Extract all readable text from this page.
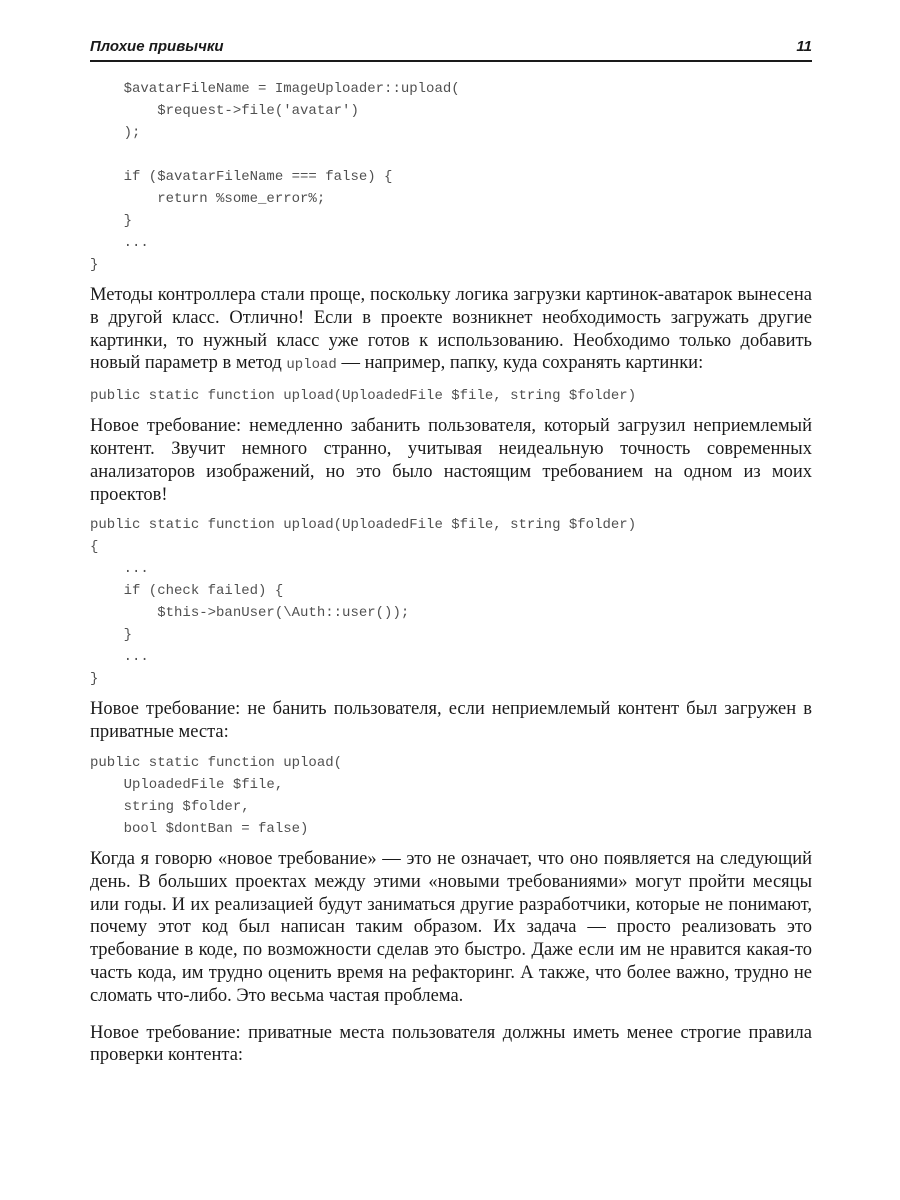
Плохие привычки	11
$avatarFileName = ImageUploader::upload(
$request->file('avatar')
);

if ($avatarFileName === false) {
return %some_error%;
}
...
}

Методы контроллера стали проще, поскольку логика загрузки картинок-аватарок вынесена в другой класс. Отлично! Если в проекте возникнет необходимость загружать другие картинки, то нужный класс уже готов к использованию. Необходимо только добавить новый параметр в метод upload — например, папку, куда сохранять картинки:

public static function upload(UploadedFile $file, string $folder)

Новое требование: немедленно забанить пользователя, который загрузил неприемлемый контент. Звучит немного странно, учитывая неидеальную точность современных анализаторов изображений, но это было настоящим требованием на одном из моих проектов!

public static function upload(UploadedFile $file, string $folder)
{
...
if (check failed) {
$this->banUser(\Auth::user());
}
...
}

Новое требование: не банить пользователя, если неприемлемый контент был загружен в приватные места:

public static function upload(
UploadedFile $file,
string $folder,
bool $dontBan = false)

Когда я говорю «новое требование» — это не означает, что оно появляется на следующий день. В больших проектах между этими «новыми требованиями» могут пройти месяцы или годы. И их реализацией будут заниматься другие разработчики, которые не понимают, почему этот код был написан таким образом. Их задача — просто реализовать это требование в коде, по возможности сделав это быстро. Даже если им не нравится какая-то часть кода, им трудно оценить время на рефакторинг. А также, что более важно, трудно не сломать что-либо. Это весьма частая проблема.

Новое требование: приватные места пользователя должны иметь менее строгие правила проверки контента:
